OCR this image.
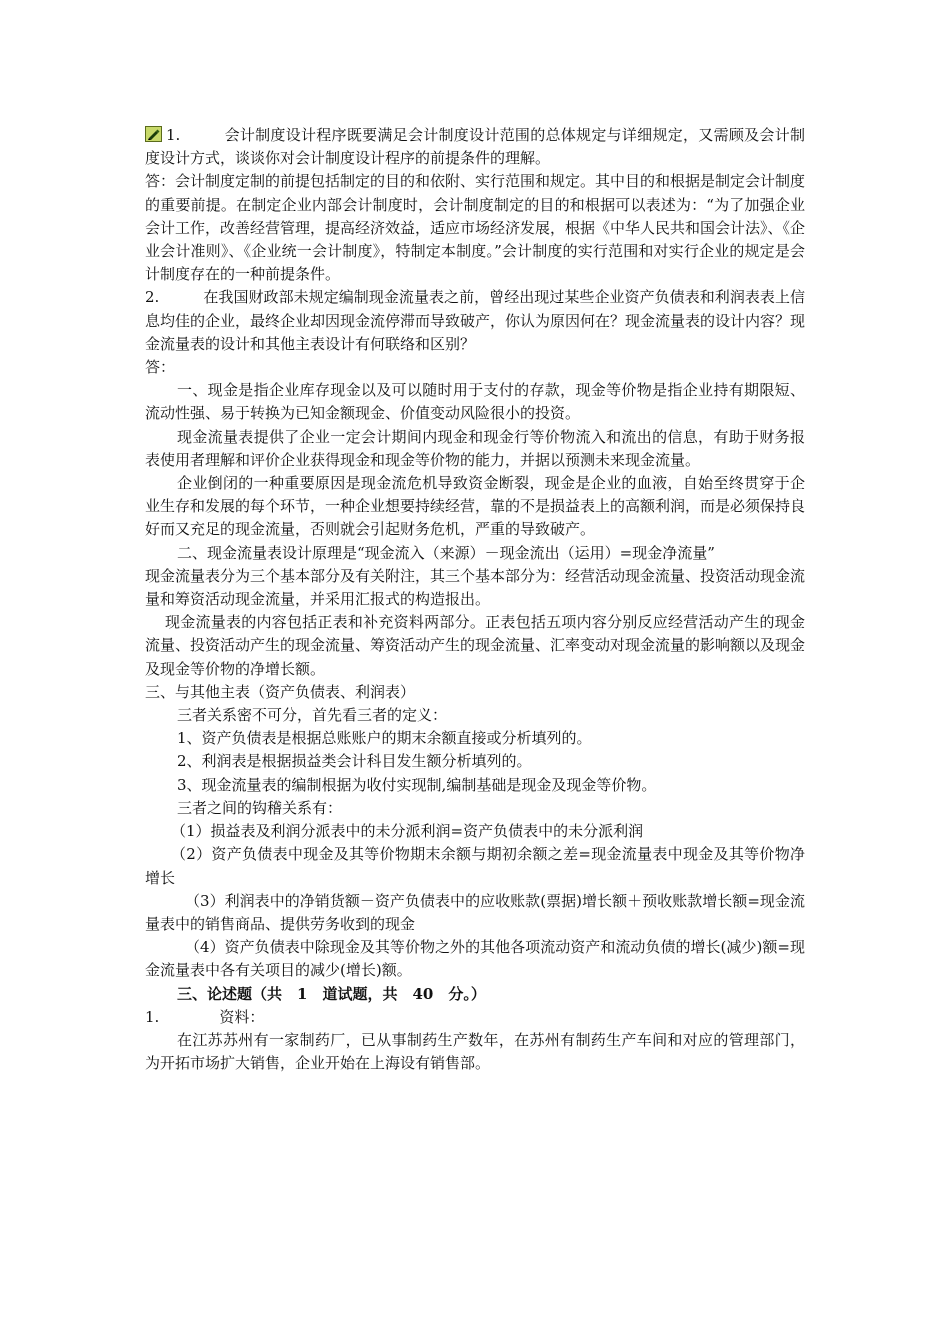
1.	会计制度设计程序既要满足会计制度设计范围的总体规定与详细规定，又需顾及会计制度设计方式，谈谈你对会计制度设计程序的前提条件的理解。

答：会计制度定制的前提包括制定的目的和依附、实行范围和规定。其中目的和根据是制定会计制度的重要前提。在制定企业内部会计制度时，会计制度制定的目的和根据可以表述为：“为了加强企业会计工作，改善经营管理，提高经济效益，适应市场经济发展，根据《中华人民共和国会计法》、《企业会计准则》、《企业统一会计制度》，特制定本制度。”会计制度的实行范围和对实行企业的规定是会计制度存在的一种前提条件。

2.	在我国财政部未规定编制现金流量表之前，曾经出现过某些企业资产负债表和利润表表上信息均佳的企业，最终企业却因现金流停滞而导致破产，你认为原因何在？现金流量表的设计内容？现金流量表的设计和其他主表设计有何联络和区别？

答：

一、现金是指企业库存现金以及可以随时用于支付的存款，现金等价物是指企业持有期限短、流动性强、易于转换为已知金额现金、价值变动风险很小的投资。

现金流量表提供了企业一定会计期间内现金和现金行等价物流入和流出的信息，有助于财务报表使用者理解和评价企业获得现金和现金等价物的能力，并据以预测未来现金流量。

企业倒闭的一种重要原因是现金流危机导致资金断裂，现金是企业的血液，自始至终贯穿于企业生存和发展的每个环节，一种企业想要持续经营，靠的不是损益表上的高额利润，而是必须保持良好而又充足的现金流量，否则就会引起财务危机，严重的导致破产。

二、现金流量表设计原理是“现金流入（来源）－现金流出（运用）=现金净流量”

现金流量表分为三个基本部分及有关附注，其三个基本部分为：经营活动现金流量、投资活动现金流量和筹资活动现金流量，并采用汇报式的构造报出。

现金流量表的内容包括正表和补充资料两部分。正表包括五项内容分别反应经营活动产生的现金流量、投资活动产生的现金流量、筹资活动产生的现金流量、汇率变动对现金流量的影响额以及现金及现金等价物的净增长额。

三、与其他主表（资产负债表、利润表）

三者关系密不可分，首先看三者的定义：

1、资产负债表是根据总账账户的期末余额直接或分析填列的。

2、利润表是根据损益类会计科目发生额分析填列的。

3、现金流量表的编制根据为收付实现制,编制基础是现金及现金等价物。

三者之间的钩稽关系有：

（1）损益表及利润分派表中的未分派利润=资产负债表中的未分派利润

（2）资产负债表中现金及其等价物期末余额与期初余额之差=现金流量表中现金及其等价物净增长

（3）利润表中的净销货额－资产负债表中的应收账款(票据)增长额＋预收账款增长额=现金流量表中的销售商品、提供劳务收到的现金

（4）资产负债表中除现金及其等价物之外的其他各项流动资产和流动负债的增长(减少)额=现金流量表中各有关项目的减少(增长)额。

三、论述题（共　1　道试题，共　40　分。）

1.	资料：

在江苏苏州有一家制药厂，已从事制药生产数年，在苏州有制药生产车间和对应的管理部门，为开拓市场扩大销售，企业开始在上海设有销售部。
